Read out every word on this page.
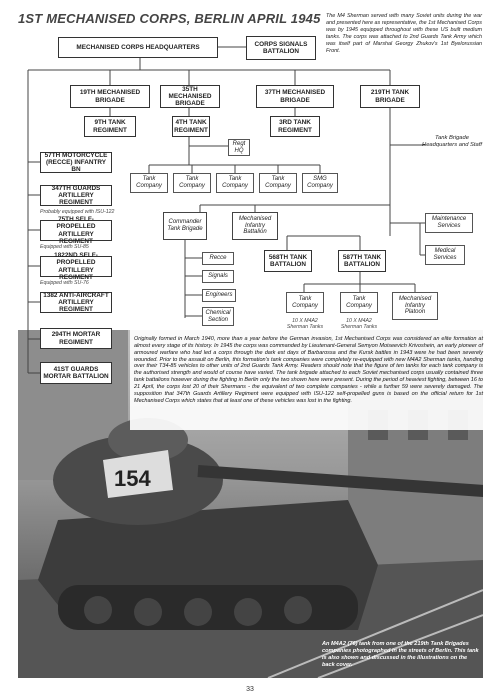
1ST MECHANISED CORPS, BERLIN APRIL 1945 The M4 Sherman served with many Soviet units during the war and presented here as representative, the 1st Mechanised Corps was by 1945 equipped throughout with these US built medium tanks. The corps was attached to 2nd Guards Tank Army which was itself part of Marshal Georgy Zhukov's 1st Byelorussian Front.
154
MECHANISED CORPS HEADQUARTERS	CORPS SIGNALS BATTALION
19TH MECHANISED BRIGADE
35TH MECHANISED BRIGADE
37TH MECHANISED BRIGADE
219TH TANK BRIGADE
9TH TANK REGIMENT
4TH TANK REGIMENT
3RD TANK REGIMENT
Regt HQ
Tank Company
Tank Company
Tank Company
Tank Company
SMG Company
Tank Brigade Headquarters and Staff
Maintenance Services
Medical Services
Commander Tank Brigade
Mechanised Infantry Battalion
Recce
Signals
Engineers
Chemical Section
568TH TANK BATTALION
587TH TANK BATTALION
Tank Company
Tank Company
Mechanised Infantry Platoon
10 X M4A2 Sherman Tanks
10 X M4A2 Sherman Tanks
57TH MOTORCYCLE (RECCE) INFANTRY BN
347TH GUARDS ARTILLERY REGIMENT
Probably equipped with ISU-122
75TH SELF-PROPELLED ARTILLERY REGIMENT
Equipped with SU-85
1822ND SELF-PROPELLED ARTILLERY REGIMENT
Equipped with SU-76
1382 ANTI-AIRCRAFT ARTILLERY REGIMENT
294TH MORTAR REGIMENT
41ST GUARDS MORTAR BATTALION
Originally formed in March 1940, more than a year before the German invasion, 1st Mechanised Corps was considered an elite formation at almost every stage of its history. In 1945 the corps was commanded by Lieutenant-General Semyon Moiseevich Krivoshein, an early pioneer of armoured warfare who had led a corps through the dark est days of Barbarossa and the Kursk battles in 1943 were he had been severely wounded. Prior to the assault on Berlin, this formation's tank companies were completely re-equipped with new M4A2 Sherman tanks, handing over their T34-85 vehicles to other units of 2nd Guards Tank Army. Readers should note that the figure of ten tanks for each tank company is the authorised strength and would of course have varied. The tank brigade attached to each Soviet mechanised corps usually contained three tank battalions however during the fighting in Berlin only the two shown here were present. During the period of heaviest fighting, between 16 to 21 April, the corps lost 20 of their Shermans - the equivalent of two complete companies - while a further 59 were severely damaged. The supposition that 347th Guards Artillery Regiment were equipped with ISU-122 self-propelled guns is based on the official return for 1st Mechanised Corps which states that at least one of these vehicles was lost in the fighting.
An M4A2 (76) tank from one of the 219th Tank Brigades companies photographed in the streets of Berlin. This tank is also shown and discussed in the illustrations on the back cover.
33
